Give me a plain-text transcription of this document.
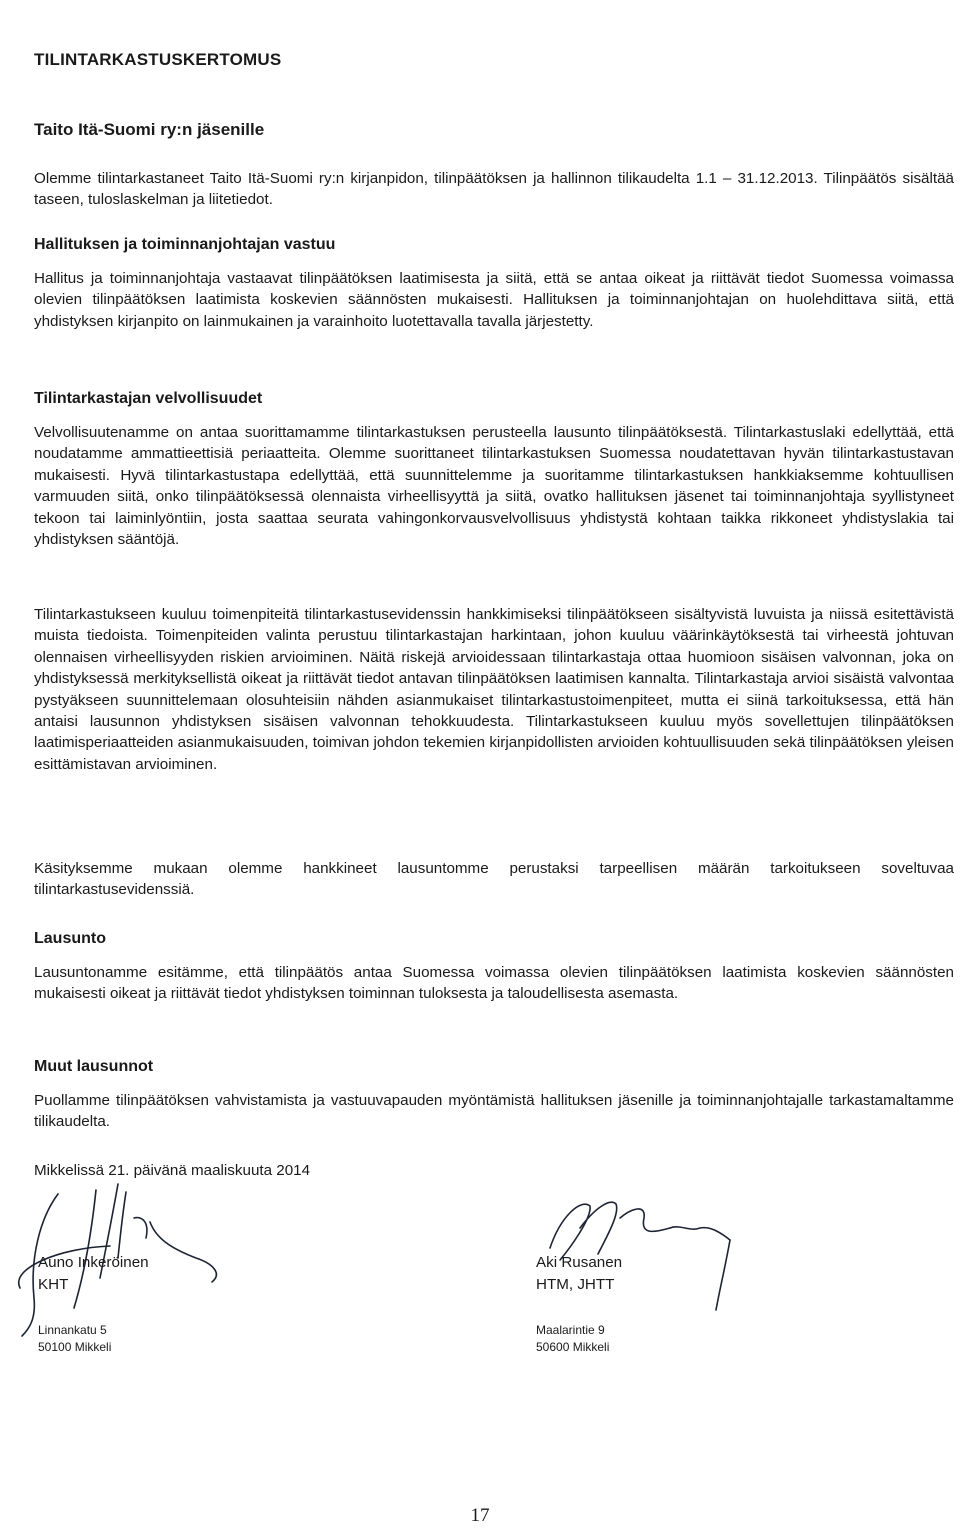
TILINTARKASTUSKERTOMUS
Taito Itä-Suomi ry:n jäsenille

Olemme tilintarkastaneet Taito Itä-Suomi ry:n kirjanpidon, tilinpäätöksen ja hallinnon tilikaudelta 1.1 – 31.12.2013. Tilinpäätös sisältää taseen, tuloslaskelman ja liitetiedot.

Hallituksen ja toiminnanjohtajan vastuu

Hallitus ja toiminnanjohtaja vastaavat tilinpäätöksen laatimisesta ja siitä, että se antaa oikeat ja riittävät tiedot Suomessa voimassa olevien tilinpäätöksen laatimista koskevien säännösten mukaisesti. Hallituksen ja toiminnanjohtajan on huolehdittava siitä, että yhdistyksen kirjanpito on lainmukainen ja varainhoito luotettavalla tavalla järjestetty.

Tilintarkastajan velvollisuudet

Velvollisuutenamme on antaa suorittamamme tilintarkastuksen perusteella lausunto tilinpäätöksestä. Tilintarkastuslaki edellyttää, että noudatamme ammattieettisiä periaatteita. Olemme suorittaneet tilintarkastuksen Suomessa noudatettavan hyvän tilintarkastustavan mukaisesti. Hyvä tilintarkastustapa edellyttää, että suunnittelemme ja suoritamme tilintarkastuksen hankkiaksemme kohtuullisen varmuuden siitä, onko tilinpäätöksessä olennaista virheellisyyttä ja siitä, ovatko hallituksen jäsenet tai toiminnanjohtaja syyllistyneet tekoon tai laiminlyöntiin, josta saattaa seurata vahingonkorvausvelvollisuus yhdistystä kohtaan taikka rikkoneet yhdistyslakia tai yhdistyksen sääntöjä.

Tilintarkastukseen kuuluu toimenpiteitä tilintarkastusevidenssin hankkimiseksi tilinpäätökseen sisältyvistä luvuista ja niissä esitettävistä muista tiedoista. Toimenpiteiden valinta perustuu tilintarkastajan harkintaan, johon kuuluu väärinkäytöksestä tai virheestä johtuvan olennaisen virheellisyyden riskien arvioiminen. Näitä riskejä arvioidessaan tilintarkastaja ottaa huomioon sisäisen valvonnan, joka on yhdistyksessä merkityksellistä oikeat ja riittävät tiedot antavan tilinpäätöksen laatimisen kannalta. Tilintarkastaja arvioi sisäistä valvontaa pystyäkseen suunnittelemaan olosuhteisiin nähden asianmukaiset tilintarkastustoimenpiteet, mutta ei siinä tarkoituksessa, että hän antaisi lausunnon yhdistyksen sisäisen valvonnan tehokkuudesta. Tilintarkastukseen kuuluu myös sovellettujen tilinpäätöksen laatimisperiaatteiden asianmukaisuuden, toimivan johdon tekemien kirjanpidollisten arvioiden kohtuullisuuden sekä tilinpäätöksen yleisen esittämistavan arvioiminen.

Käsityksemme mukaan olemme hankkineet lausuntomme perustaksi tarpeellisen määrän tarkoitukseen soveltuvaa tilintarkastusevidenssiä.

Lausunto

Lausuntonamme esitämme, että tilinpäätös antaa Suomessa voimassa olevien tilinpäätöksen laatimista koskevien säännösten mukaisesti oikeat ja riittävät tiedot yhdistyksen toiminnan tuloksesta ja taloudellisesta asemasta.

Muut lausunnot

Puollamme tilinpäätöksen vahvistamista ja vastuuvapauden myöntämistä hallituksen jäsenille ja toiminnanjohtajalle tarkastamaltamme tilikaudelta.

Mikkelissä 21. päivänä maaliskuuta 2014

Auno Inkeröinen
KHT
Linnankatu 5
50100 Mikkeli
Aki Rusanen
HTM, JHTT
Maalarintie 9
50600 Mikkeli
17
